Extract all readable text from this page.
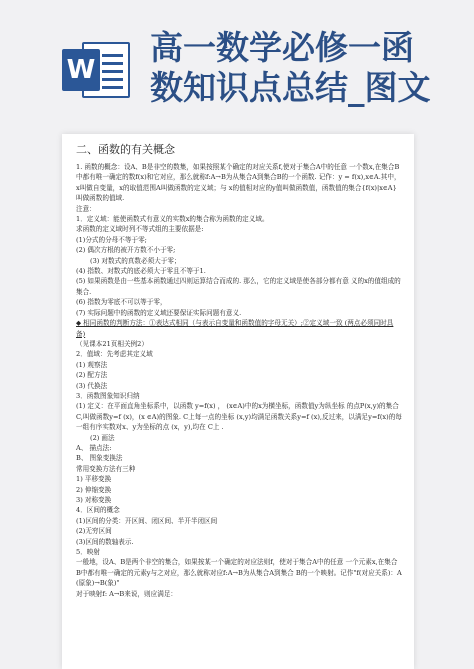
W
高一数学必修一函
数知识点总结_图文
二、函数的有关概念
1. 函数的概念：设A、B是非空的数集，如果按照某个确定的对应关系f,使对于集合A中的任意 一个数x,在集合B中都有唯一确定的数f(x)和它对应，那么就称f:A→B为从集合A到集合B的一个函数. 记作：y = f(x),x∈A.其中，x叫做自变量，x的取值范围A叫做函数的定义域；与 x的值相对应的y值叫做函数值，函数值的集合{f(x)|x∈A}叫做函数的值域.
注意：
1．定义域：能使函数式有意义的实数x的集合称为函数的定义域。
求函数的定义域时列不等式组的主要依据是:
(1)分式的分母不等于零;
(2) 偶次方根的被开方数不小于零;
(3) 对数式的真数必须大于零；
(4) 指数、对数式的底必须大于零且不等于1.
(5) 如果函数是由一些基本函数通过四则运算结合而成的. 那么，它的定义域是使各部分都有意 义的x的值组成的集合.
(6) 指数为零底不可以等于零，
(7) 实际问题中的函数的定义域还要保证实际问题有意义.
◆ 相同函数的判断方法：①表达式相同（与表示自变量和函数值的字母无关）;②定义域一致 (两点必须同时具备)
（见课本21页相关例2）
2．值域：先考虑其定义域
(1) 观察法
(2) 配方法
(3) 代换法
3．函数图象知识归纳
(1) 定义：在平面直角坐标系中，以函数 y=f(x) ， (x∈A)中的x为横坐标，函数值y为纵坐标 的点P(x,y)的集合C,叫做函数y=f (x)，(x ∈A)的图象. C上每一点的坐标 (x,y)均满足函数关系y=f (x),反过来，以满足y=f(x)的每一组有序实数对x、y为坐标的点 (x，y),均在 C上 .
(2) 画法
A、 描点法:
B、 图象变换法
常用变换方法有三种
1) 平移变换
2) 伸缩变换
3) 对称变换
4．区间的概念
(1)区间的分类：开区间、闭区间、半开半闭区间
(2)无穷区间
(3)区间的数轴表示.
5．映射
一般地，设A、B是两个非空的集合，如果按某一个确定的对应法则f，使对于集合A中的任意 一个元素x,在集合B中都有唯一确定的元素y与之对应，那么就称对应f:A→B为从集合A到集合 B的一个映射。记作"f(对应关系)：A(原象)→B(象)"
对于映射f: A→B来说，则应满足：
